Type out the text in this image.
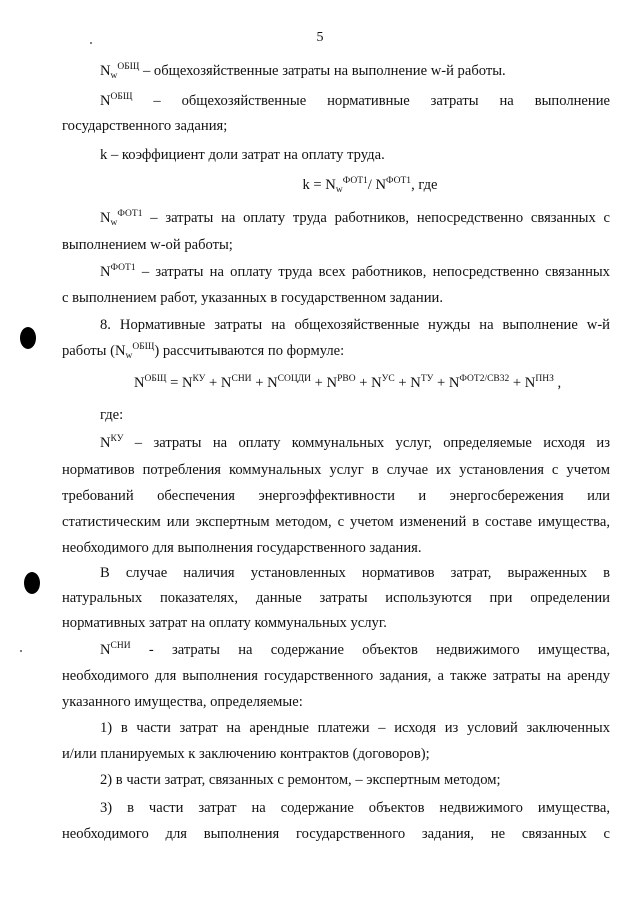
5
$N_w^{ОБЩ}$ – общехозяйственные затраты на выполнение w-й работы.
$N^{ОБЩ}$ – общехозяйственные нормативные затраты на выполнение
государственного задания;
k – коэффициент доли затрат на оплату труда.
$k = N_w^{ФОТ1}/$ $N^{ФОТ1}$, где
$N_w^{ФОТ1}$ – затраты на оплату труда работников, непосредственно связанных с
выполнением w-ой работы;
$N^{ФОТ1}$ – затраты на оплату труда всех работников, непосредственно связанных
с выполнением работ, указанных в государственном задании.
8. Нормативные затраты на общехозяйственные нужды на выполнение w-й
работы $(N_w^{ОБЩ})$ рассчитываются по формуле:
$N^{ОБЩ} = N^{КУ} + N^{СНИ} + N^{СОЦДИ} + N^{РВО} + N^{УС} + N^{ТУ} + N^{ФОТ2/СВ32} + N^{ПНЗ}$ ,
где:
$N^{КУ}$ – затраты на оплату коммунальных услуг, определяемые исходя из
нормативов потребления коммунальных услуг в случае их установления с учетом
требований обеспечения энергоэффективности и энергосбережения или
статистическим или экспертным методом, с учетом изменений в составе имущества,
необходимого для выполнения государственного задания.
В случае наличия установленных нормативов затрат, выраженных в
натуральных показателях, данные затраты используются при определении
нормативных затрат на оплату коммунальных услуг.
$N^{СНИ}$ - затраты на содержание объектов недвижимого имущества,
необходимого для выполнения государственного задания, а также затраты на аренду
указанного имущества, определяемые:
1) в части затрат на арендные платежи – исходя из условий заключенных
и/или планируемых к заключению контрактов (договоров);
2) в части затрат, связанных с ремонтом, – экспертным методом;
3) в части затрат на содержание объектов недвижимого имущества,
необходимого для выполнения государственного задания, не связанных с
